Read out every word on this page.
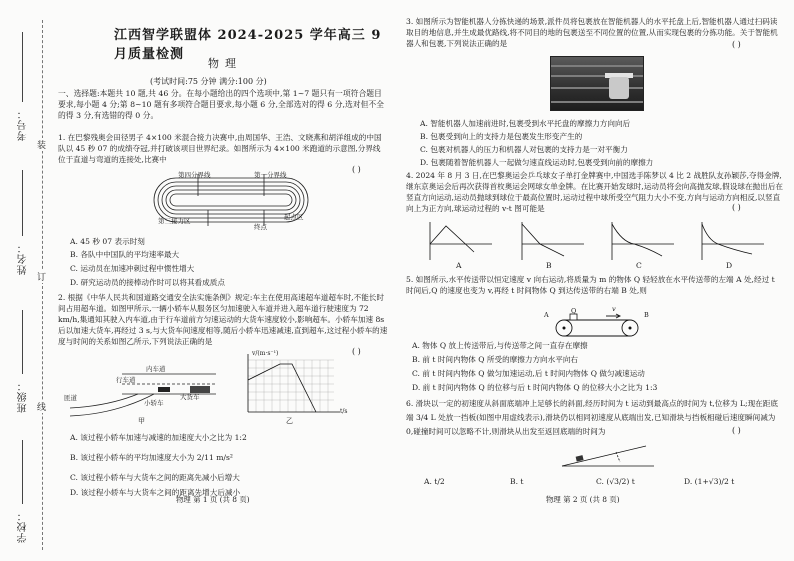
考号：
姓名：
班级：
学校：
装
订
线
江西智学联盟体 2024-2025 学年高三 9 月质量检测
物理
(考试时间:75 分钟 满分:100 分)
一、选择题:本题共 10 题,共 46 分。在每小题给出的四个选项中,第 1~7 题只有一项符合题目要求,每小题 4 分;第 8~10 题有多项符合题目要求,每小题 6 分,全部选对的得 6 分,选对但不全的得 3 分,有选错的得 0 分。
1. 在巴黎残奥会田径男子 4×100 米混合接力决赛中,由周国华、王浩、文晓燕和胡洋组成的中国队以 45 秒 07 的成绩夺冠,并打破该项目世界纪录。如图所示为 4×100 米跑道的示意图,分界线位于直道与弯道的连接处,比赛中
( )
第四分界线	第一分界线
第三接力区
终点
起点区
A. 45 秒 07 表示时刻
B. 各队中中国队的平均速率最大
C. 运动员在加速冲刺过程中惯性增大
D. 研究运动员的接棒动作时可以将其看成质点
2. 根据《中华人民共和国道路交通安全法实施条例》规定:车主在使用高速超车道超车时,不能长时间占用超车道。如图甲所示,一辆小轿车从服务区匀加速驶入车道并进入超车道行驶速度为 72 km/h,集通知其驶入内车道,由于行车道前方匀速运动的大货车速度较小,影响超车。小轿车加速 8s 后以加速大货车,再经过 3 s,与大货车间速度相等,随后小轿车迅速减速,直到超车,这过程小轿车的速度与时间的关系如图乙所示,下列说法正确的是
( )
内车道
行车道
匝道
小轿车
大货车
甲
v/(m·s⁻¹)
t/s
乙
A. 该过程小轿车加速与减速的加速度大小之比为 1:2
B. 该过程小轿车的平均加速度大小为 2/11 m/s²
C. 该过程小轿车与大货车之间的距离先减小后增大
D. 该过程小轿车与大货车之间的距离先增大后减小
物理 第 1 页 (共 8 页)
3. 如图所示为智能机器人分拣快递的场景,派件员将包裹放在智能机器人的水平托盘上后,智能机器人通过扫码读取目的地信息,并生成最优路线,将不同目的地的包裹送至不同位置的位置,从而实现包裹的分拣功能。关于智能机器人和包裹,下列说法正确的是	( )
A. 智能机器人加速前进时,包裹受到水平托盘的摩擦力方向向后
B. 包裹受到向上的支持力是包裹发生形变产生的
C. 包裹对机器人的压力和机器人对包裹的支持力是一对平衡力
D. 包裹随着智能机器人一起做匀速直线运动时,包裹受到向前的摩擦力
4. 2024 年 8 月 3 日,在巴黎奥运会乒乓球女子单打金牌赛中,中国选手陈梦以 4 比 2 战胜队友孙颖莎,夺得金牌,继东京奥运会后再次获得首枚奥运会网球女单金牌。在比赛开始发球时,运动员将会向高抛发球,假设球在抛出后在竖直方向运动,运动员抛球到球位于最高位置时,运动过程中球所受空气阻力大小不变,方向与运动方向相反,以竖直向上为正方向,球运动过程的 v-t 图可能是	( )
A	B	C	D
5. 如图所示,水平传送带以恒定速度 v 向右运动,将质量为 m 的物体 Q 轻轻放在水平传送带的左端 A 处,经过 t 时间后,Q 的速度也变为 v,再经 t 时间物体 Q 到达传送带的右端 B 处,则
A	Q	v
B
A. 物体 Q 放上传送带后,与传送带之间一直存在摩擦
B. 前 t 时间内物体 Q 所受的摩擦力方向水平向右
C. 前 t 时间内物体 Q 做匀加速运动,后 t 时间内物体 Q 做匀减速运动
D. 前 t 时间内物体 Q 的位移与后 t 时间内物体 Q 的位移大小之比为 1:3
6. 滑块以一定的初速度从斜面底端冲上足够长的斜面,经历时间为 t 运动到最高点的时间为 t,位移为 L;现在距底端 3/4 L 处放一挡板(如图中用虚线表示),滑块仍以相同初速度从底端出发,已知滑块与挡板相碰后速度瞬间减为 0,碰撞时间可以忽略不计,则滑块从出发至返回底端的时间为	( )
A. t/2	B. t	C. (√3/2) t	D. (1+√3)/2 t
物理 第 2 页 (共 8 页)
